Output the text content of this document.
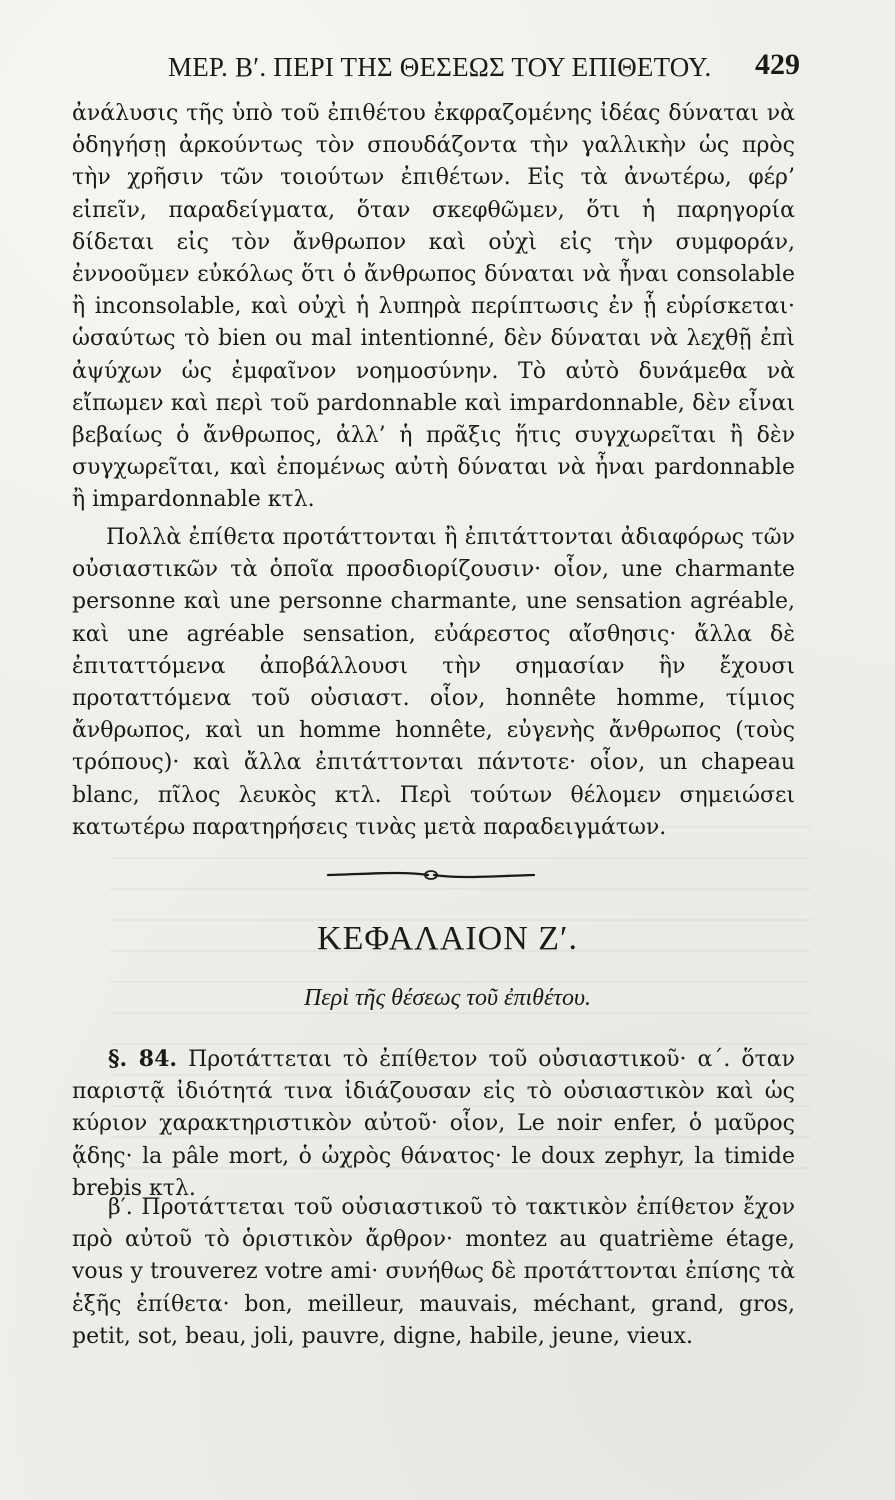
ΜΕΡ. Β′. ΠΕΡΙ ΤΗΣ ΘΕΣΕΩΣ ΤΟΥ ΕΠΙΘΕΤΟΥ.	429
ἀνάλυσις τῆς ὑπὸ τοῦ ἐπιθέτου ἐκφραζομένης ἰδέας δύναται νὰ ὁδηγήσῃ ἀρκούντως τὸν σπουδάζοντα τὴν γαλλικὴν ὡς πρὸς τὴν χρῆσιν τῶν τοιούτων ἐπιθέτων. Εἰς τὰ ἀνωτέρω, φέρ’ εἰπεῖν, παραδείγματα, ὅταν σκεφθῶμεν, ὅτι ἡ παρηγορία δίδεται εἰς τὸν ἄνθρωπον καὶ οὐχὶ εἰς τὴν συμφοράν, ἐννοοῦμεν εὐκόλως ὅτι ὁ ἄνθρωπος δύναται νὰ ἦναι consolable ἢ inconsolable, καὶ οὐχὶ ἡ λυπηρὰ περίπτωσις ἐν ᾗ εὑρίσκεται· ὡσαύτως τὸ bien ou mal intentionné, δὲν δύναται νὰ λεχθῇ ἐπὶ ἀψύχων ὡς ἐμφαῖνον νοημοσύνην. Τὸ αὐτὸ δυνάμεθα νὰ εἴπωμεν καὶ περὶ τοῦ pardonnable καὶ impardonnable, δὲν εἶναι βεβαίως ὁ ἄνθρωπος, ἀλλ’ ἡ πρᾶξις ἥτις συγχωρεῖται ἢ δὲν συγχωρεῖται, καὶ ἐπομένως αὐτὴ δύναται νὰ ἦναι pardonnable ἢ impardonnable κτλ.
Πολλὰ ἐπίθετα προτάττονται ἢ ἐπιτάττονται ἀδιαφόρως τῶν οὐσιαστικῶν τὰ ὁποῖα προσδιορίζουσιν· οἷον, une charmante personne καὶ une personne charmante, une sensation agréable, καὶ une agréable sensation, εὐάρεστος αἴσθησις· ἄλλα δὲ ἐπιταττόμενα ἀποβάλλουσι τὴν σημασίαν ἣν ἔχουσι προταττόμενα τοῦ οὐσιαστ. οἷον, honnête homme, τίμιος ἄνθρωπος, καὶ un homme honnête, εὐγενὴς ἄνθρωπος (τοὺς τρόπους)· καὶ ἄλλα ἐπιτάττονται πάντοτε· οἷον, un chapeau blanc, πῖλος λευκὸς κτλ. Περὶ τούτων θέλομεν σημειώσει κατωτέρω παρατηρήσεις τινὰς μετὰ παραδειγμάτων.
ΚΕΦΑΛΑΙΟΝ Ζ′.
Περὶ τῆς θέσεως τοῦ ἐπιθέτου.
§. 84. Προτάττεται τὸ ἐπίθετον τοῦ οὐσιαστικοῦ· α΄. ὅταν παριστᾷ ἰδιότητά τινα ἰδιάζουσαν εἰς τὸ οὐσιαστικὸν καὶ ὡς κύριον χαρακτηριστικὸν αὐτοῦ· οἷον, Le noir enfer, ὁ μαῦρος ᾅδης· la pâle mort, ὁ ὠχρὸς θάνατος· le doux zephyr, la timide brebis κτλ.
β′. Προτάττεται τοῦ οὐσιαστικοῦ τὸ τακτικὸν ἐπίθετον ἔχον πρὸ αὐτοῦ τὸ ὁριστικὸν ἄρθρον· montez au quatrième étage, vous y trouverez votre ami· συνήθως δὲ προτάττονται ἐπίσης τὰ ἑξῆς ἐπίθετα· bon, meilleur, mauvais, méchant, grand, gros, petit, sot, beau, joli, pauvre, digne, habile, jeune, vieux.
